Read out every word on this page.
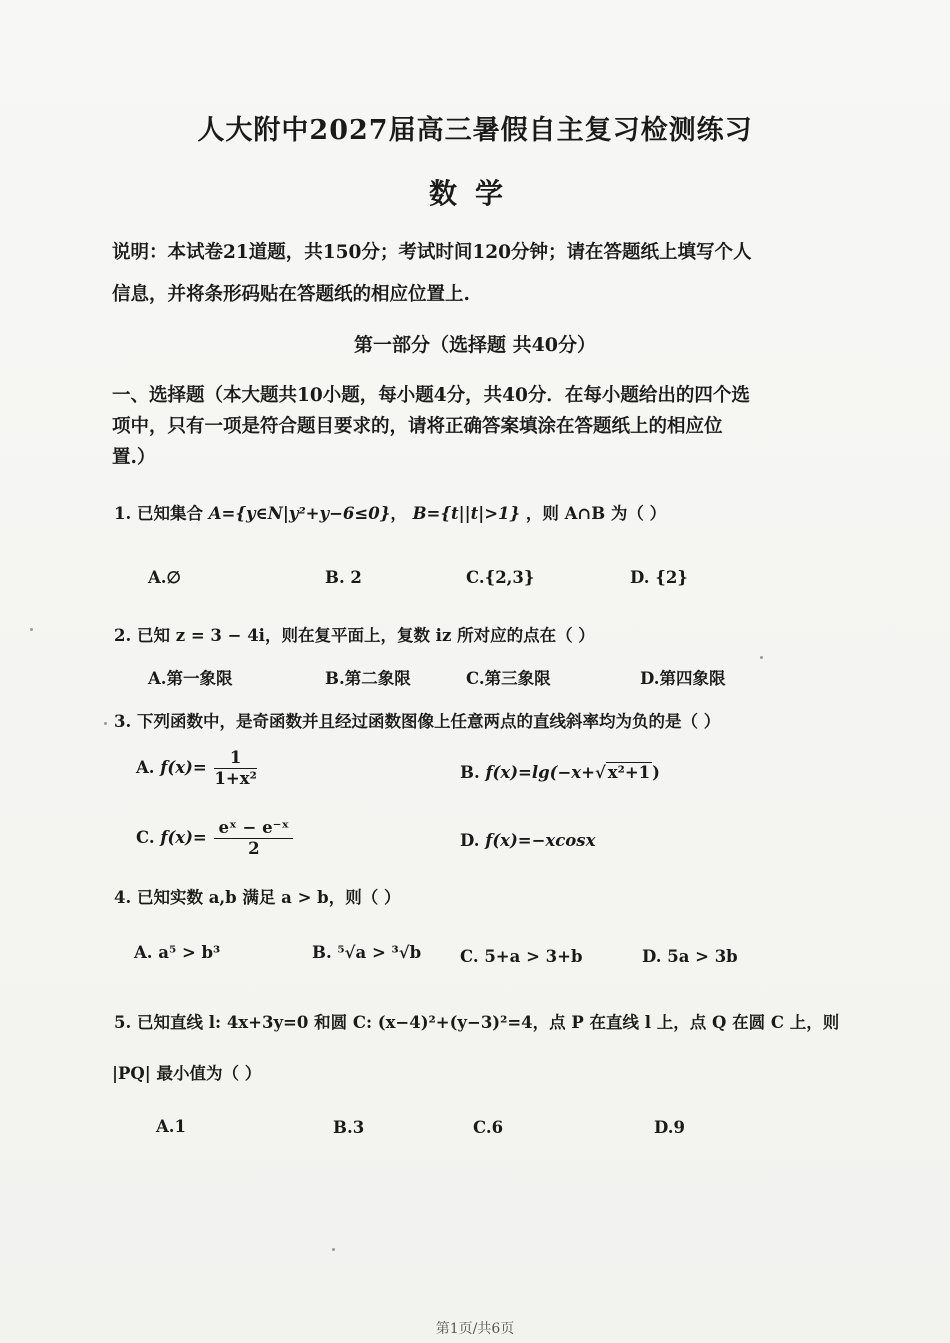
人大附中2027届高三暑假自主复习检测练习
数学
说明：本试卷21道题，共150分；考试时间120分钟；请在答题纸上填写个人
信息，并将条形码贴在答题纸的相应位置上.
第一部分（选择题 共40分）
一、选择题（本大题共10小题，每小题4分，共40分．在每小题给出的四个选
项中，只有一项是符合题目要求的，请将正确答案填涂在答题纸上的相应位
置.）
1. 已知集合 A={y∈N|y²+y−6≤0}， B={t||t|>1} ，则 A∩B 为（ ）
A.∅	B. 2	C.{2,3}	D. {2}
2. 已知 z = 3 − 4i，则在复平面上，复数 iz 所对应的点在（ ）
A.第一象限	B.第二象限	C.第三象限	D.第四象限
3. 下列函数中，是奇函数并且经过函数图像上任意两点的直线斜率均为负的是（ ）
A. $f(x)= \frac{1}{\text{1+x²}}$	B. f(x)=lg(−x+√ x²+1 )
C. $f(x)= \frac{\text{eˣ − e⁻ˣ}}{2}$	D. f(x)=−xcosx
4. 已知实数 a,b 满足 a > b，则（ ）
A. a⁵ > b³	B. ⁵√a > ³√b C. 5+a > 3+b	D. 5a > 3b
5. 已知直线 l: 4x+3y=0 和圆 C: (x−4)²+(y−3)²=4，点 P 在直线 l 上，点 Q 在圆 C 上，则
|PQ| 最小值为（ ）
A.1	B.3	C.6	D.9
第1页/共6页
